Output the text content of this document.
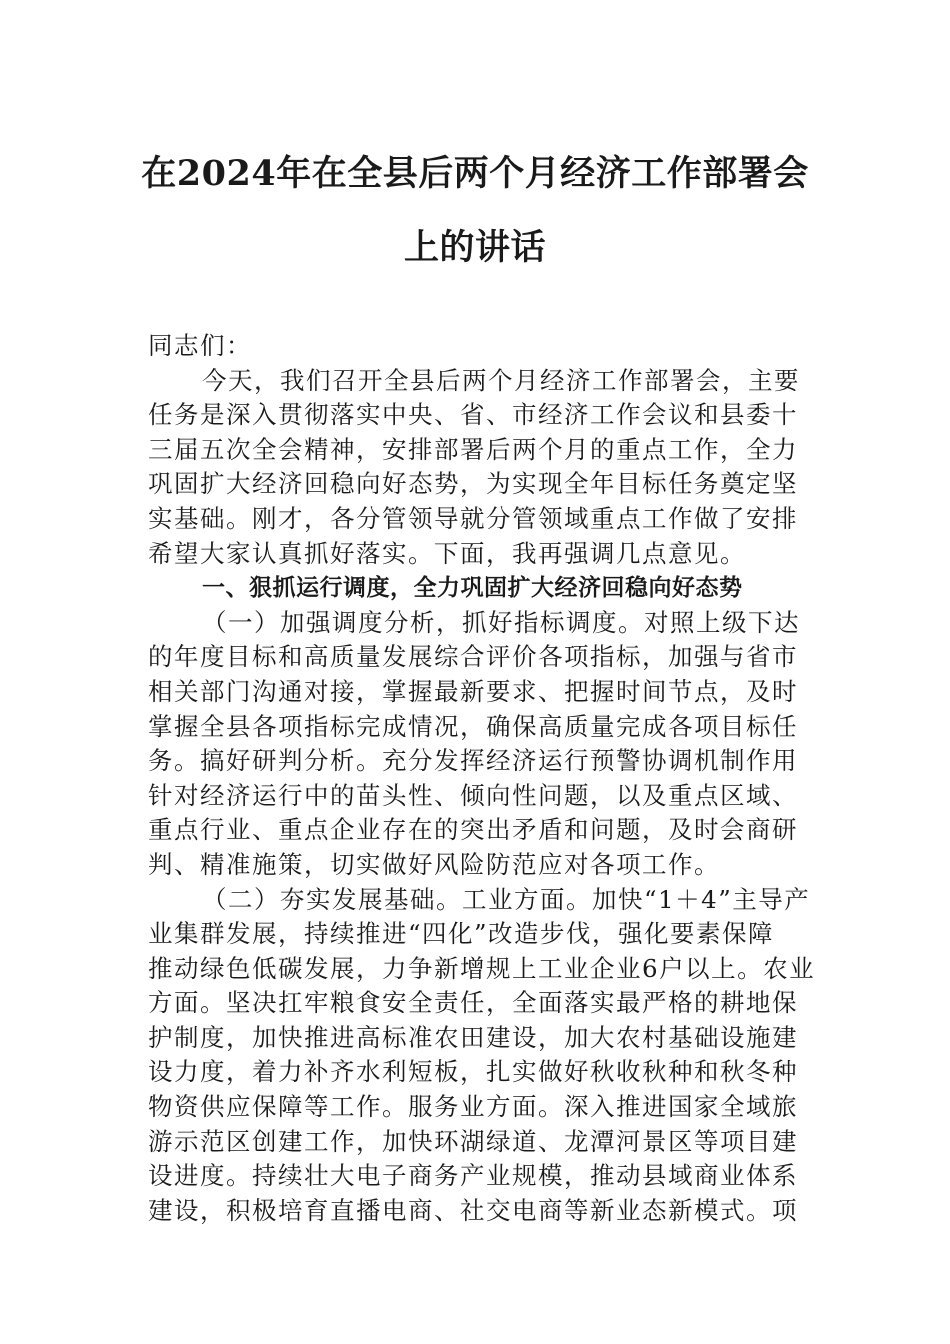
在2024年在全县后两个月经济工作部署会
上的讲话
同志们：
今天，我们召开全县后两个月经济工作部署会，主要
任务是深入贯彻落实中央、省、市经济工作会议和县委十
三届五次全会精神，安排部署后两个月的重点工作，全力
巩固扩大经济回稳向好态势，为实现全年目标任务奠定坚
实基础。刚才，各分管领导就分管领域重点工作做了安排
希望大家认真抓好落实。下面，我再强调几点意见。
一、狠抓运行调度，全力巩固扩大经济回稳向好态势
（一）加强调度分析，抓好指标调度。对照上级下达
的年度目标和高质量发展综合评价各项指标，加强与省市
相关部门沟通对接，掌握最新要求、把握时间节点，及时
掌握全县各项指标完成情况，确保高质量完成各项目标任
务。搞好研判分析。充分发挥经济运行预警协调机制作用
针对经济运行中的苗头性、倾向性问题，以及重点区域、
重点行业、重点企业存在的突出矛盾和问题，及时会商研
判、精准施策，切实做好风险防范应对各项工作。
（二）夯实发展基础。工业方面。加快“1＋4”主导产
业集群发展，持续推进“四化”改造步伐，强化要素保障
推动绿色低碳发展，力争新增规上工业企业6户以上。农业
方面。坚决扛牢粮食安全责任，全面落实最严格的耕地保
护制度，加快推进高标准农田建设，加大农村基础设施建
设力度，着力补齐水利短板，扎实做好秋收秋种和秋冬种
物资供应保障等工作。服务业方面。深入推进国家全域旅
游示范区创建工作，加快环湖绿道、龙潭河景区等项目建
设进度。持续壮大电子商务产业规模，推动县域商业体系
建设，积极培育直播电商、社交电商等新业态新模式。项
